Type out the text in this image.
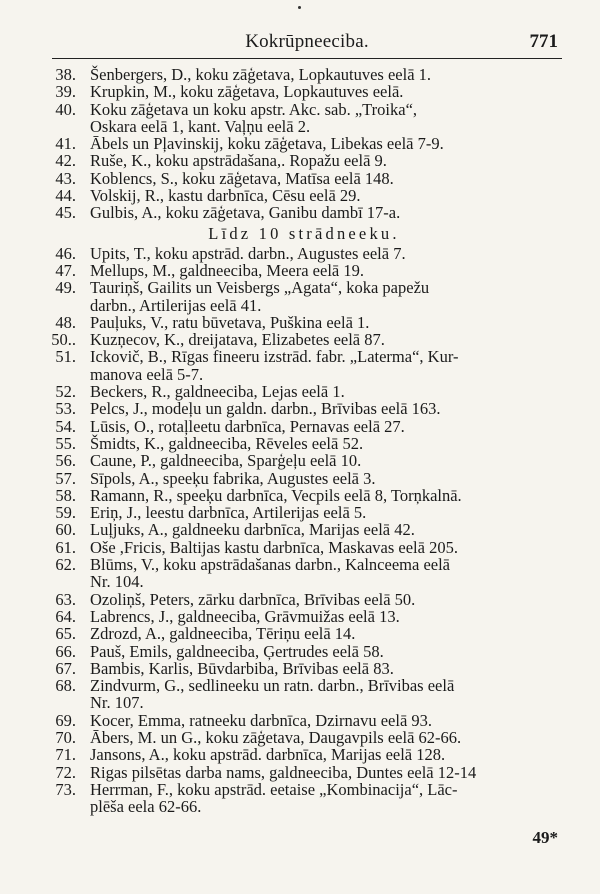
Kokrūpneeciba.	771
38. Šenbergers, D., koku zāģetava, Lopkautuves eelā 1.
39. Krupkin, M., koku zāģetava, Lopkautuves eelā.
40. Koku zāģetava un koku apstr. Akc. sab. „Troika“,
Oskara eelā 1, kant. Vaļņu eelā 2.
41. Ābels un Pļavinskij, koku zāģetava, Libekas eelā 7-9.
42. Ruše, K., koku apstrādašana,. Ropažu eelā 9.
43. Koblencs, S., koku zāģetava, Matīsa eelā 148.
44. Volskij, R., kastu darbnīca, Cēsu eelā 29.
45. Gulbis, A., koku zāģetava, Ganibu dambī 17-a.
Līdz 10 strādneeku.
46. Upits, T., koku apstrād. darbn., Augustes eelā 7.
47. Mellups, M., galdneeciba, Meera eelā 19.
49. Tauriņš, Gailits un Veisbergs „Agata“, koka papežu
darbn., Artilerijas eelā 41.
48. Pauļuks, V., ratu būvetava, Puškina eelā 1.
50.. Kuzņecov, K., dreijatava, Elizabetes eelā 87.
51. Ickovič, B., Rīgas fineeru izstrād. fabr. „Laterma“, Kur-
manova eelā 5-7.
52. Beckers, R., galdneeciba, Lejas eelā 1.
53. Pelcs, J., modeļu un galdn. darbn., Brīvibas eelā 163.
54. Lūsis, O., rotaļleetu darbnīca, Pernavas eelā 27.
55. Šmidts, K., galdneeciba, Rēveles eelā 52.
56. Caune, P., galdneeciba, Sparģeļu eelā 10.
57. Sīpols, A., speeķu fabrika, Augustes eelā 3.
58. Ramann, R., speeķu darbnīca, Vecpils eelā 8, Torņkalnā.
59. Eriņ, J., leestu darbnīca, Artilerijas eelā 5.
60. Luļjuks, A., galdneeku darbnīca, Marijas eelā 42.
61. Oše ,Fricis, Baltijas kastu darbnīca, Maskavas eelā 205.
62. Blūms, V., koku apstrādašanas darbn., Kalnceema eelā
Nr. 104.
63. Ozoliņš, Peters, zārku darbnīca, Brīvibas eelā 50.
64. Labrencs, J., galdneeciba, Grāvmuižas eelā 13.
65. Zdrozd, A., galdneeciba, Tēriņu eelā 14.
66. Pauš, Emils, galdneeciba, Ģertrudes eelā 58.
67. Bambis, Karlis, Būvdarbiba, Brīvibas eelā 83.
68. Zindvurm, G., sedlineeku un ratn. darbn., Brīvibas eelā
Nr. 107.
69. Kocer, Emma, ratneeku darbnīca, Dzirnavu eelā 93.
70. Ābers, M. un G., koku zāģetava, Daugavpils eelā 62-66.
71. Jansons, A., koku apstrād. darbnīca, Marijas eelā 128.
72. Rigas pilsētas darba nams, galdneeciba, Duntes eelā 12-14
73. Herrman, F., koku apstrād. eetaise „Kombinacija“, Lāc-
plēša eela 62-66.
49*
